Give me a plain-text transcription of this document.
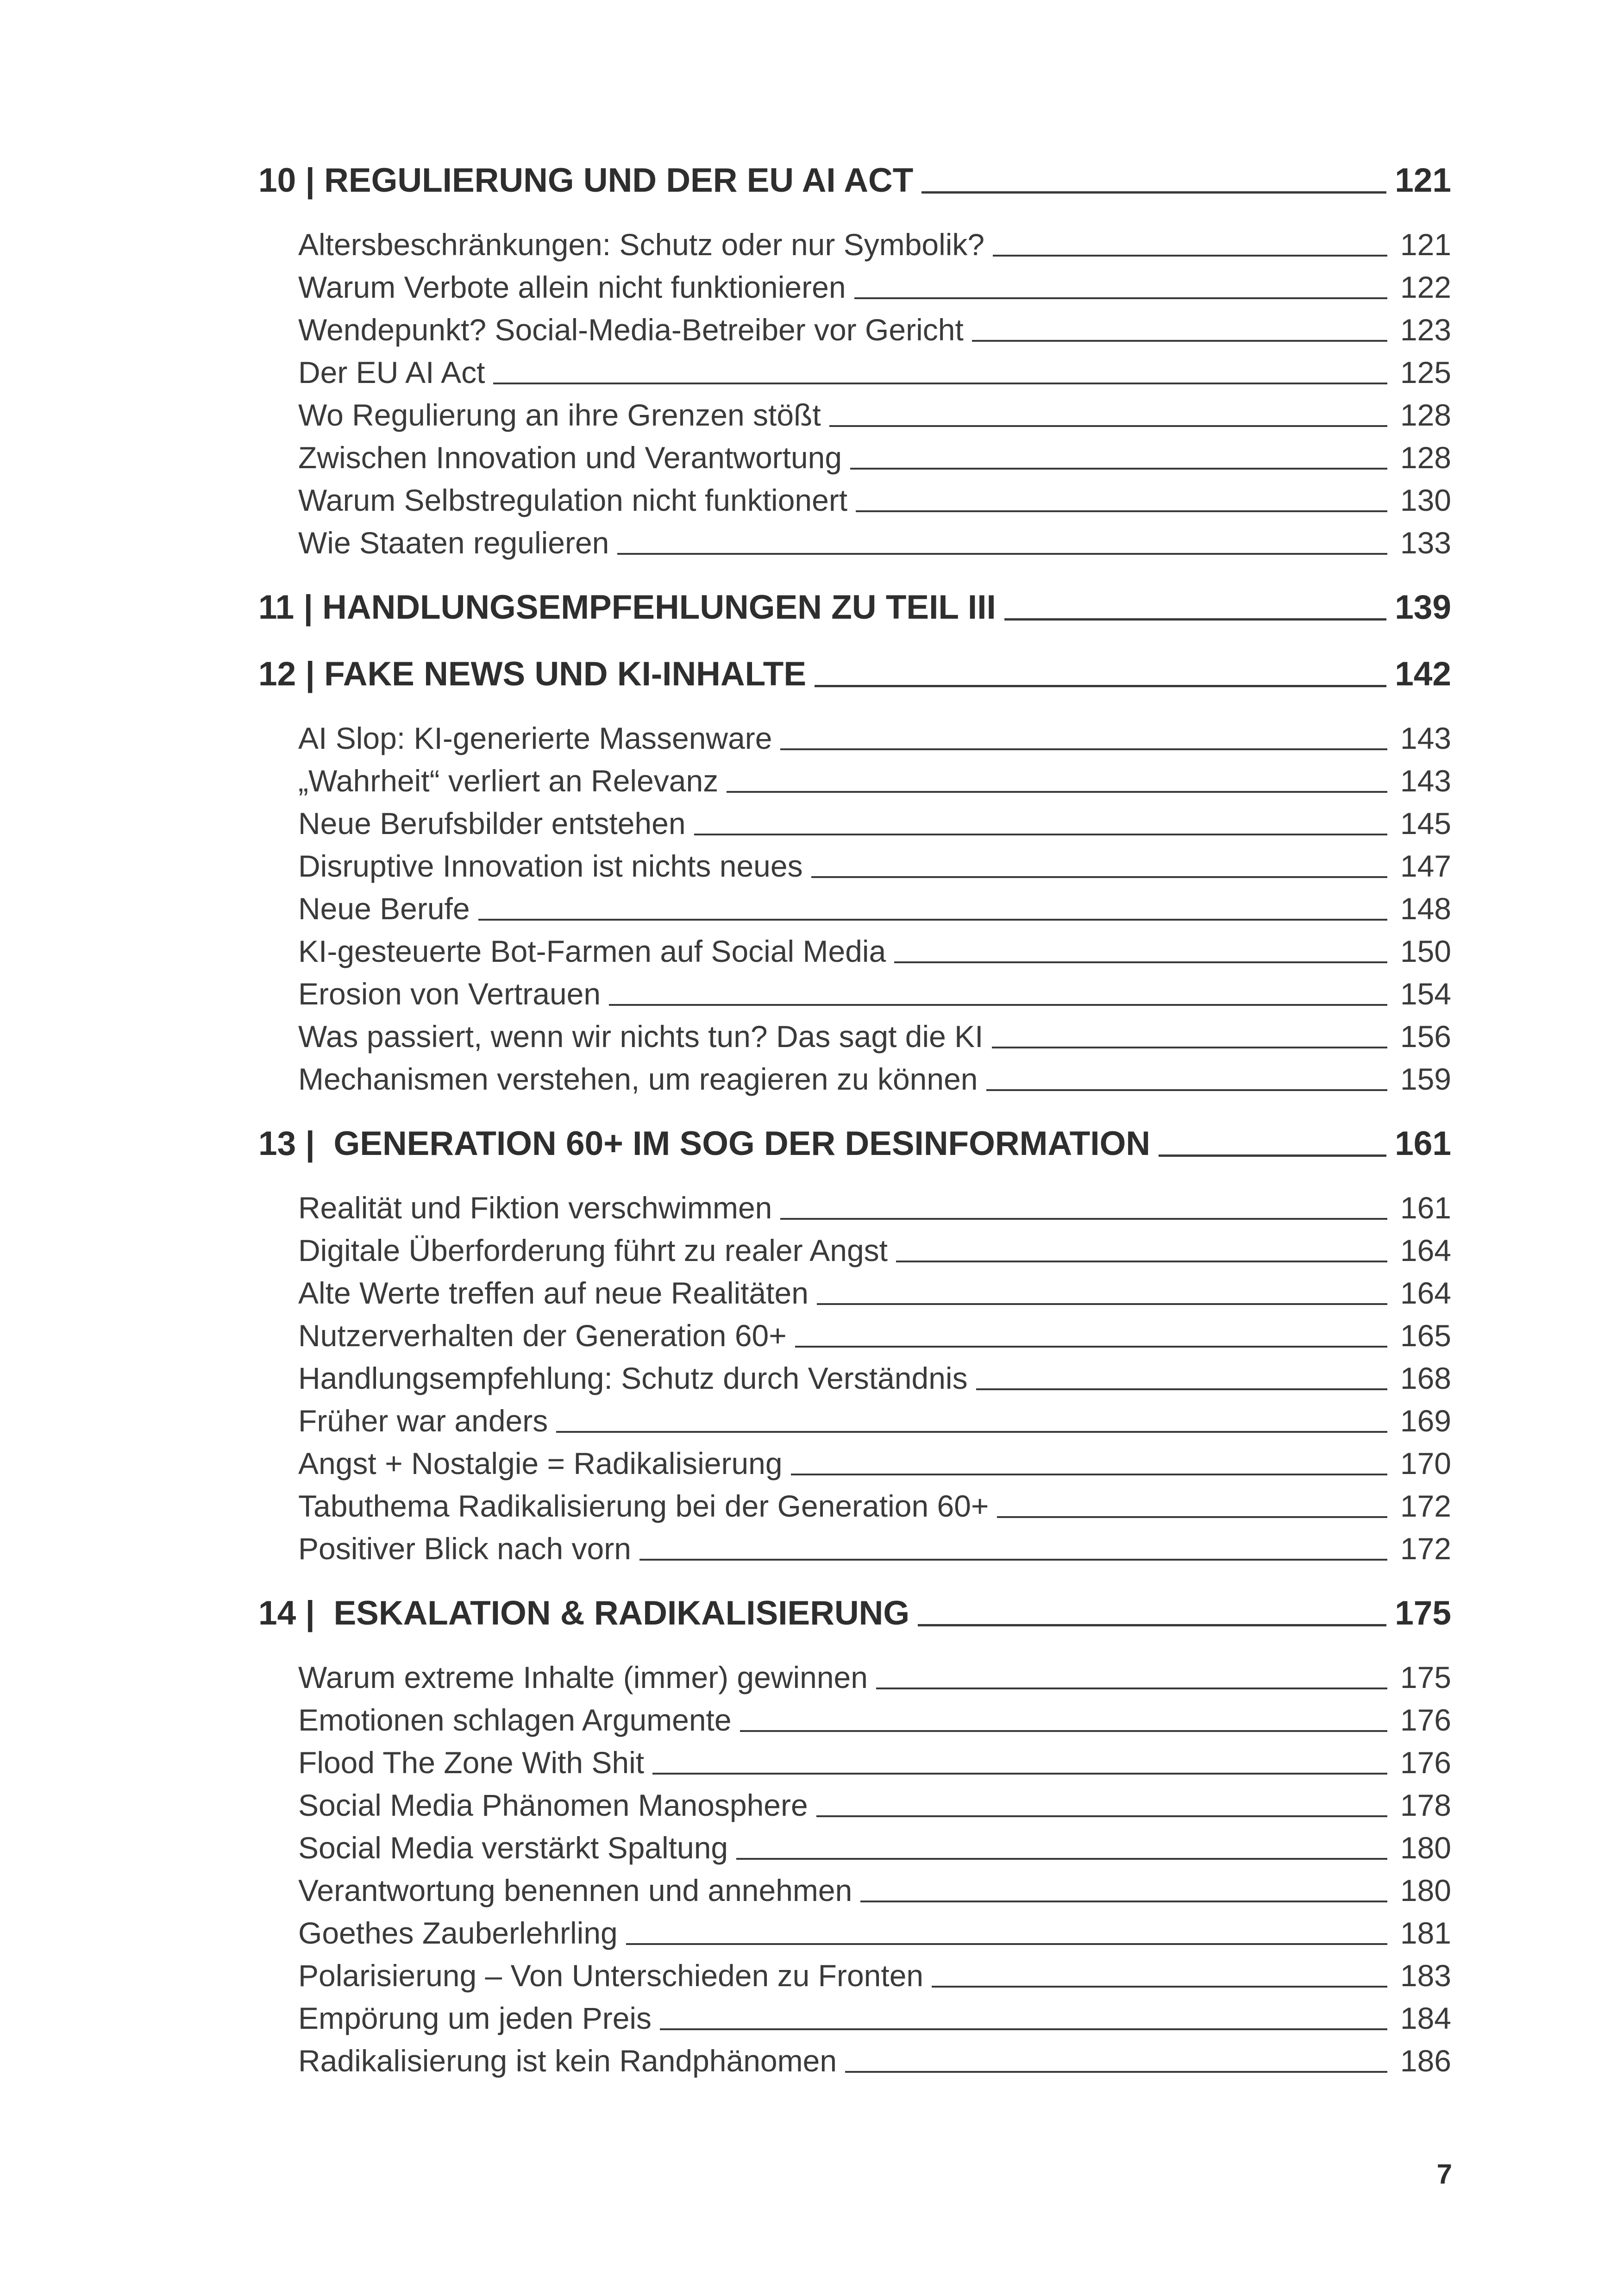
10 | REGULIERUNG UND DER EU AI ACT	121
Altersbeschränkungen: Schutz oder nur Symbolik?	121
Warum Verbote allein nicht funktionieren	122
Wendepunkt? Social-Media-Betreiber vor Gericht	123
Der EU AI Act	125
Wo Regulierung an ihre Grenzen stößt	128
Zwischen Innovation und Verantwortung	128
Warum Selbstregulation nicht funktionert	130
Wie Staaten regulieren	133
11 | HANDLUNGSEMPFEHLUNGEN ZU TEIL III	139
12 | FAKE NEWS UND KI-INHALTE	142
AI Slop: KI-generierte Massenware	143
„Wahrheit“ verliert an Relevanz	143
Neue Berufsbilder entstehen	145
Disruptive Innovation ist nichts neues	147
Neue Berufe	148
KI-gesteuerte Bot-Farmen auf Social Media	150
Erosion von Vertrauen	154
Was passiert, wenn wir nichts tun? Das sagt die KI	156
Mechanismen verstehen, um reagieren zu können	159
13 |  GENERATION 60+ IM SOG DER DESINFORMATION	161
Realität und Fiktion verschwimmen	161
Digitale Überforderung führt zu realer Angst	164
Alte Werte treffen auf neue Realitäten	164
Nutzerverhalten der Generation 60+	165
Handlungsempfehlung: Schutz durch Verständnis	168
Früher war anders	169
Angst + Nostalgie = Radikalisierung	170
Tabuthema Radikalisierung bei der Generation 60+	172
Positiver Blick nach vorn	172
14 |  ESKALATION & RADIKALISIERUNG	175
Warum extreme Inhalte (immer) gewinnen	175
Emotionen schlagen Argumente	176
Flood The Zone With Shit	176
Social Media Phänomen Manosphere	178
Social Media verstärkt Spaltung	180
Verantwortung benennen und annehmen	180
Goethes Zauberlehrling	181
Polarisierung – Von Unterschieden zu Fronten	183
Empörung um jeden Preis	184
Radikalisierung ist kein Randphänomen	186
7
